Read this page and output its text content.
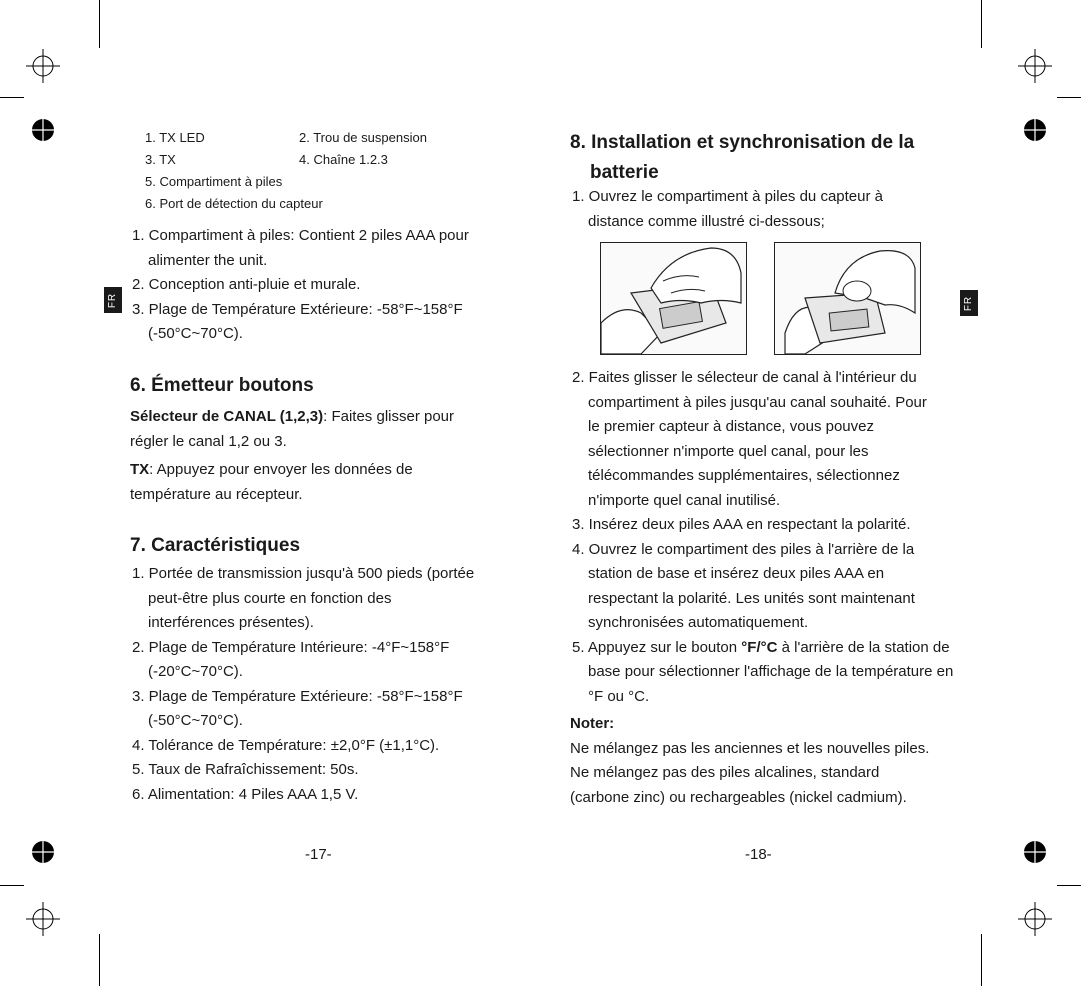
FR	FR
1. TX LED
3. TX
5. Compartiment à piles
6. Port de détection du capteur
2. Trou de suspension
4. Chaîne 1.2.3
1. Compartiment à piles: Contient 2 piles AAA pour alimenter the unit.
2. Conception anti-pluie et murale.
3. Plage de Température Extérieure: -58°F~158°F (-50°C~70°C).
6. Émetteur boutons
Sélecteur de CANAL (1,2,3): Faites glisser pour
régler le canal 1,2 ou 3.
TX: Appuyez pour envoyer les données de
température au récepteur.
7. Caractéristiques
1. Portée de transmission jusqu'à 500 pieds (portée peut-être plus courte en fonction des interférences présentes).
2. Plage de Température Intérieure: -4°F~158°F (-20°C~70°C).
3. Plage de Température Extérieure: -58°F~158°F (-50°C~70°C).
4. Tolérance de Température: ±2,0°F (±1,1°C).
5. Taux de Rafraîchissement: 50s.
6. Alimentation: 4 Piles AAA 1,5 V.
-17-
8. Installation et synchronisation de la
batterie
1. Ouvrez le compartiment à piles du capteur à distance comme illustré ci-dessous;
2. Faites glisser le sélecteur de canal à l'intérieur du compartiment à piles jusqu'au canal souhaité. Pour le premier capteur à distance, vous pouvez sélectionner n'importe quel canal, pour les télécommandes supplémentaires, sélectionnez n'importe quel canal inutilisé.
3. Insérez deux piles AAA en respectant la polarité.
4. Ouvrez le compartiment des piles à l'arrière de la station de base et insérez deux piles AAA en respectant la polarité. Les unités sont maintenant synchronisées automatiquement.
5. Appuyez sur le bouton °F/°C à l'arrière de la station de base pour sélectionner l'affichage de la température en °F ou °C.
Noter:
Ne mélangez pas les anciennes et les nouvelles piles.
Ne mélangez pas des piles alcalines, standard
(carbone zinc) ou rechargeables (nickel cadmium).
-18-
